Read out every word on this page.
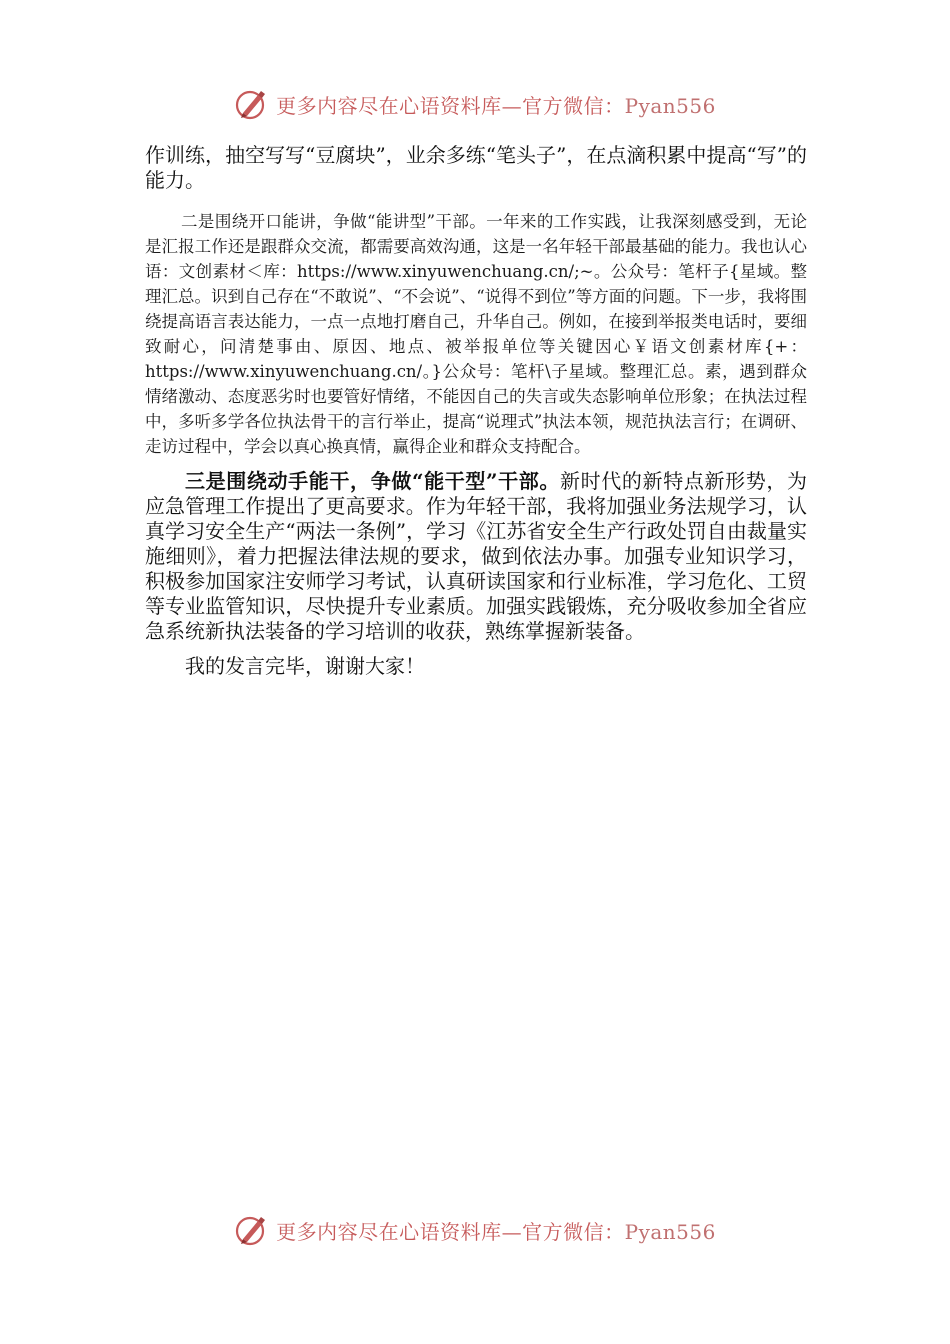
更多内容尽在心语资料库—官方微信：Pyan556

作训练，抽空写写“豆腐块”，业余多练“笔头子”，在点滴积累中提高“写”的能力。

二是围绕开口能讲，争做“能讲型”干部。一年来的工作实践，让我深刻感受到，无论是汇报工作还是跟群众交流，都需要高效沟通，这是一名年轻干部最基础的能力。我也认心语：文创素材＜库：https://www.xinyuwenchuang.cn/;~。公众号：笔杆子{星域。整理汇总。识到自己存在“不敢说”、“不会说”、“说得不到位”等方面的问题。下一步，我将围绕提高语言表达能力，一点一点地打磨自己，升华自己。例如，在接到举报类电话时，要细致耐心，问清楚事由、原因、地点、被举报单位等关键因心￥语文创素材库{+：https://www.xinyuwenchuang.cn/。}公众号：笔杆\子星域。整理汇总。素，遇到群众情绪激动、态度恶劣时也要管好情绪，不能因自己的失言或失态影响单位形象；在执法过程中，多听多学各位执法骨干的言行举止，提高“说理式”执法本领，规范执法言行；在调研、走访过程中，学会以真心换真情，赢得企业和群众支持配合。

三是围绕动手能干，争做“能干型”干部。新时代的新特点新形势，为应急管理工作提出了更高要求。作为年轻干部，我将加强业务法规学习，认真学习安全生产“两法一条例”，学习《江苏省安全生产行政处罚自由裁量实施细则》，着力把握法律法规的要求，做到依法办事。加强专业知识学习，积极参加国家注安师学习考试，认真研读国家和行业标准，学习危化、工贸等专业监管知识，尽快提升专业素质。加强实践锻炼，充分吸收参加全省应急系统新执法装备的学习培训的收获，熟练掌握新装备。

我的发言完毕，谢谢大家！

更多内容尽在心语资料库—官方微信：Pyan556
